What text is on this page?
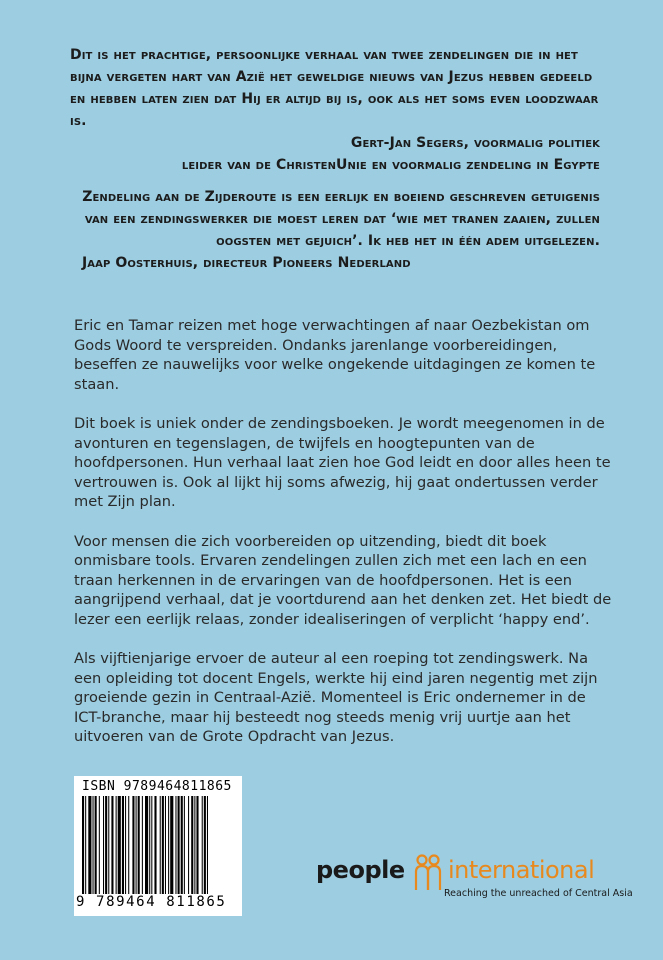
Dit is het prachtige, persoonlijke verhaal van twee zendelingen die in het bijna vergeten hart van Azië het geweldige nieuws van Jezus hebben gedeeld en hebben laten zien dat Hij er altijd bij is, ook als het soms even loodzwaar is.
Gert-Jan Segers, voormalig politiek
leider van de ChristenUnie en voormalig zendeling in Egypte
Zendeling aan de Zijderoute is een eerlijk en boeiend geschreven getuigenis van een zendingswerker die moest leren dat ‘wie met tranen zaaien, zullen oogsten met gejuich’. Ik heb het in één adem uitgelezen.
Jaap Oosterhuis, directeur Pioneers Nederland

Eric en Tamar reizen met hoge verwachtingen af naar Oezbekistan om Gods Woord te verspreiden. Ondanks jarenlange voorbereidingen, beseffen ze nauwelijks voor welke ongekende uitdagingen ze komen te staan.

Dit boek is uniek onder de zendingsboeken. Je wordt meegenomen in de avonturen en tegenslagen, de twijfels en hoogtepunten van de hoofdpersonen. Hun verhaal laat zien hoe God leidt en door alles heen te vertrouwen is. Ook al lijkt hij soms afwezig, hij gaat ondertussen verder met Zijn plan.

Voor mensen die zich voorbereiden op uitzending, biedt dit boek onmisbare tools. Ervaren zendelingen zullen zich met een lach en een traan herkennen in de ervaringen van de hoofdpersonen. Het is een aangrijpend verhaal, dat je voortdurend aan het denken zet. Het biedt de lezer een eerlijk relaas, zonder idealiseringen of verplicht ‘happy end’.

Als vijftienjarige ervoer de auteur al een roeping tot zendingswerk. Na een opleiding tot docent Engels, werkte hij eind jaren negentig met zijn groeiende gezin in Centraal-Azië. Momenteel is Eric ondernemer in de ICT-branche, maar hij besteedt nog steeds menig vrij uurtje aan het uitvoeren van de Grote Opdracht van Jezus.

ISBN 9789464811865
9 789464 811865
people international
Reaching the unreached of Central Asia
